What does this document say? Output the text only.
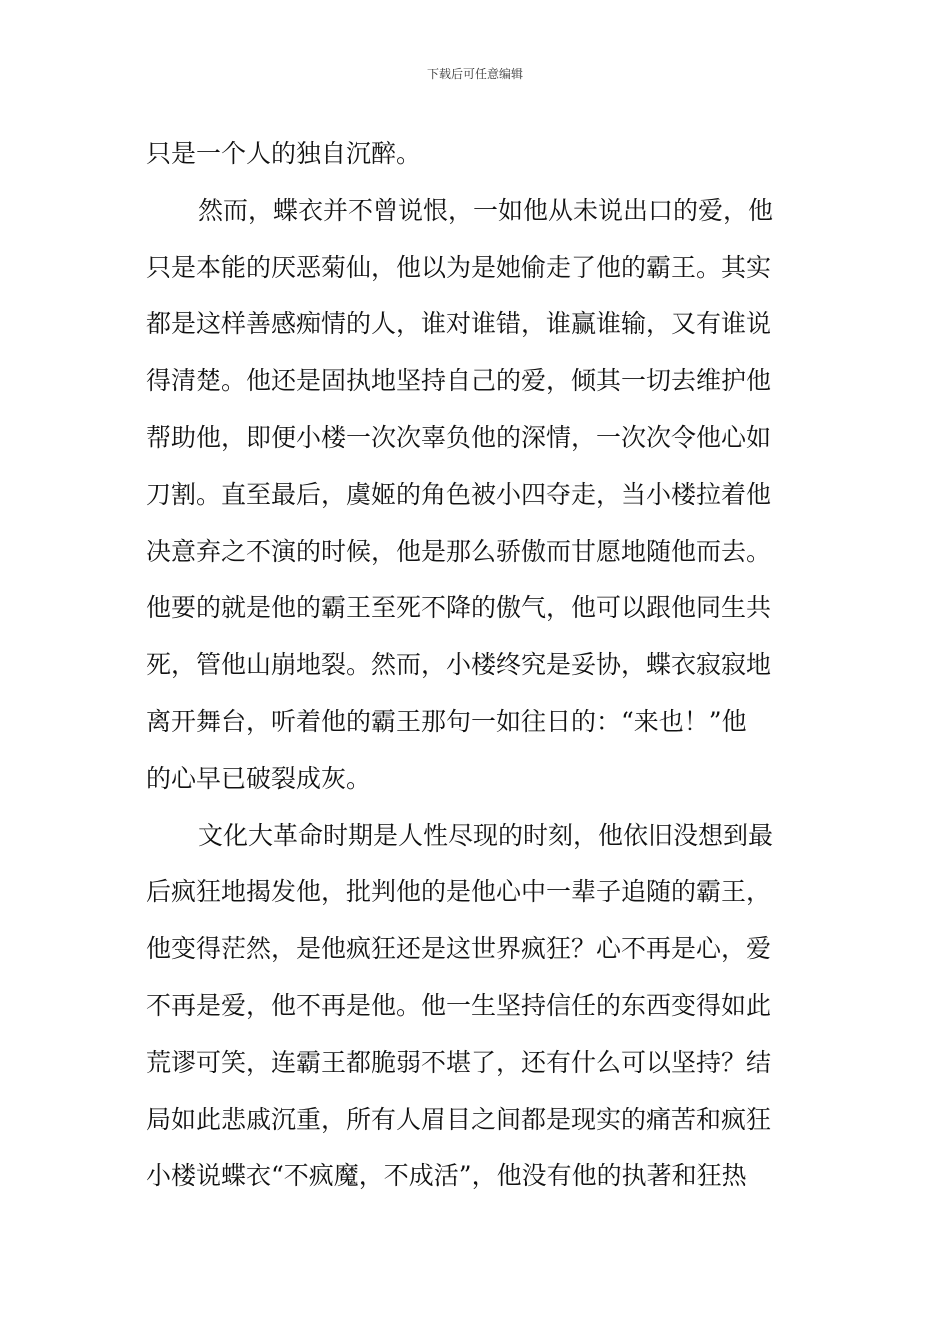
下载后可任意编辑
只是一个人的独自沉醉。
然而，蝶衣并不曾说恨，一如他从未说出口的爱，他
只是本能的厌恶菊仙，他以为是她偷走了他的霸王。其实
都是这样善感痴情的人，谁对谁错，谁赢谁输，又有谁说
得清楚。他还是固执地坚持自己的爱，倾其一切去维护他
帮助他，即便小楼一次次辜负他的深情，一次次令他心如
刀割。直至最后，虞姬的角色被小四夺走，当小楼拉着他
决意弃之不演的时候，他是那么骄傲而甘愿地随他而去。
他要的就是他的霸王至死不降的傲气，他可以跟他同生共
死，管他山崩地裂。然而，小楼终究是妥协，蝶衣寂寂地
离开舞台，听着他的霸王那句一如往日的：“来也！”他
的心早已破裂成灰。
文化大革命时期是人性尽现的时刻，他依旧没想到最
后疯狂地揭发他，批判他的是他心中一辈子追随的霸王，
他变得茫然，是他疯狂还是这世界疯狂？心不再是心，爱
不再是爱，他不再是他。他一生坚持信任的东西变得如此
荒谬可笑，连霸王都脆弱不堪了，还有什么可以坚持？结
局如此悲戚沉重，所有人眉目之间都是现实的痛苦和疯狂
小楼说蝶衣“不疯魔，不成活”，他没有他的执著和狂热
